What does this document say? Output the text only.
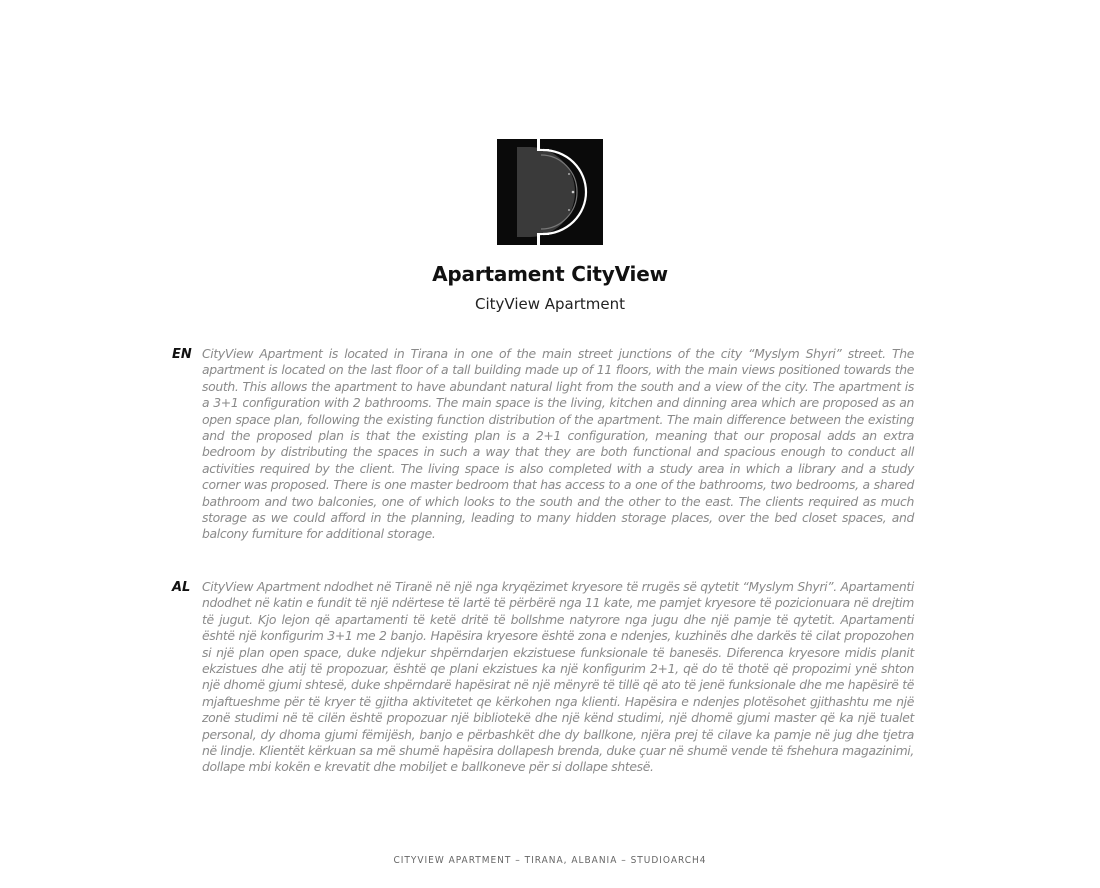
Apartament CityView
CityView Apartment
EN CityView Apartment is located in Tirana in one of the main street junctions of the city “Myslym Shyri” street. The apartment is located on the last floor of a tall building made up of 11 floors, with the main views positioned towards the south. This allows the apartment to have abundant natural light from the south and a view of the city. The apartment is a 3+1 configuration with 2 bathrooms. The main space is the living, kitchen and dinning area which are proposed as an open space plan, following the existing function distribution of the apartment. The main difference between the existing and the proposed plan is that the existing plan is a 2+1 configuration, meaning that our proposal adds an extra bedroom by distributing the spaces in such a way that they are both functional and spacious enough to conduct all activities required by the client. The living space is also completed with a study area in which a library and a study corner was proposed. There is one master bedroom that has access to a one of the bathrooms, two bedrooms, a shared bathroom and two balconies, one of which looks to the south and the other to the east. The clients required as much storage as we could afford in the planning, leading to many hidden storage places, over the bed closet spaces, and balcony furniture for additional storage.
AL CityView Apartment ndodhet në Tiranë në një nga kryqëzimet kryesore të rrugës së qytetit “Myslym Shyri”. Apartamenti ndodhet në katin e fundit të një ndërtese të lartë të përbërë nga 11 kate, me pamjet kryesore të pozicionuara në drejtim të jugut. Kjo lejon që apartamenti të ketë dritë të bollshme natyrore nga jugu dhe një pamje të qytetit. Apartamenti është një konfigurim 3+1 me 2 banjo. Hapësira kryesore është zona e ndenjes, kuzhinës dhe darkës të cilat propozohen si një plan open space, duke ndjekur shpërndarjen ekzistuese funksionale të banesës. Diferenca kryesore midis planit ekzistues dhe atij të propozuar, është qe plani ekzistues ka një konfigurim 2+1, që do të thotë që propozimi ynë shton një dhomë gjumi shtesë, duke shpërndarë hapësirat në një mënyrë të tillë që ato të jenë funksionale dhe me hapësirë të mjaftueshme për të kryer të gjitha aktivitetet qe kërkohen nga klienti. Hapësira e ndenjes plotësohet gjithashtu me një zonë studimi në të cilën është propozuar një bibliotekë dhe një kënd studimi, një dhomë gjumi master që ka një tualet personal, dy dhoma gjumi fëmijësh, banjo e përbashkët dhe dy ballkone, njëra prej të cilave ka pamje në jug dhe tjetra në lindje. Klientët kërkuan sa më shumë hapësira dollapesh brenda, duke çuar në shumë vende të fshehura magazinimi, dollape mbi kokën e krevatit dhe mobiljet e ballkoneve për si dollape shtesë.
CITYVIEW APARTMENT – TIRANA, ALBANIA – STUDIOARCH4
